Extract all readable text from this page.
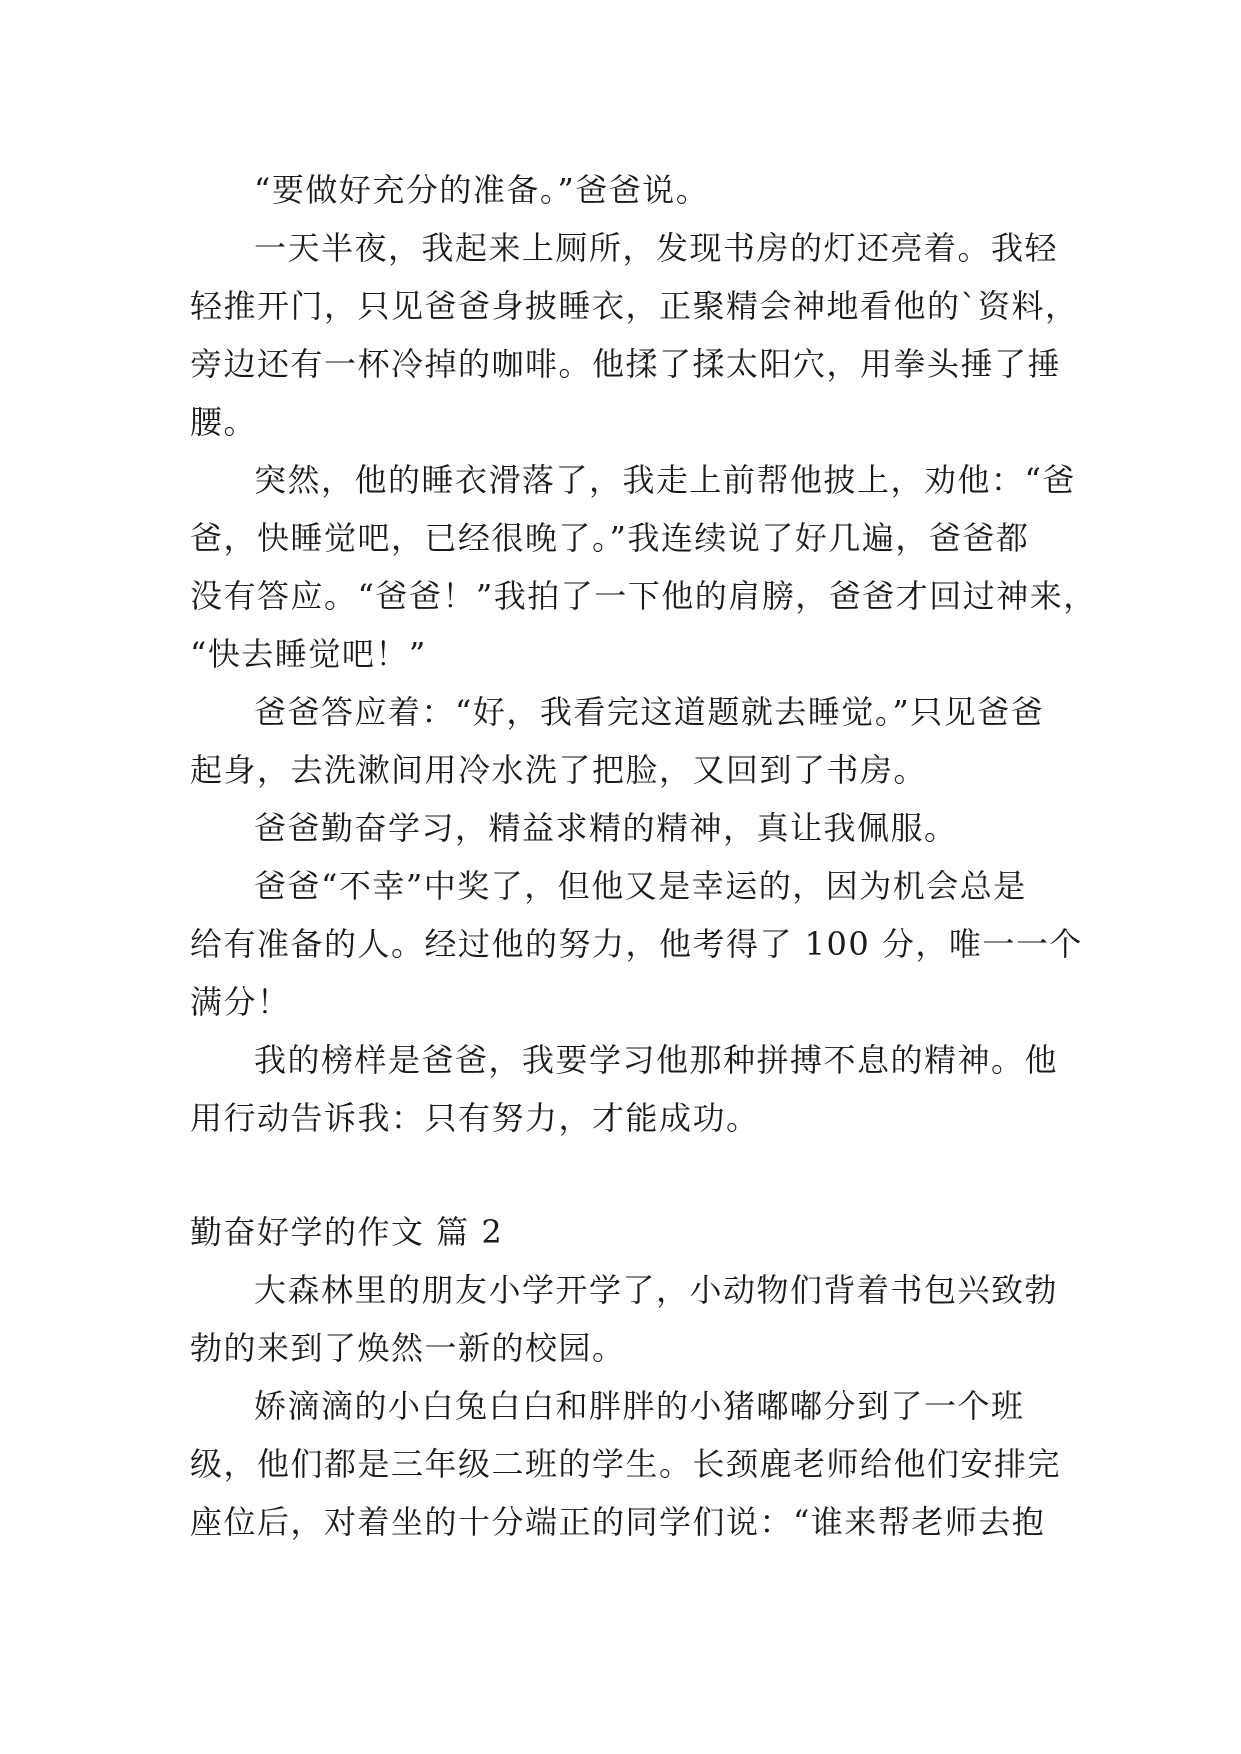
“要做好充分的准备。”爸爸说。
一天半夜，我起来上厕所，发现书房的灯还亮着。我轻
轻推开门，只见爸爸身披睡衣，正聚精会神地看他的`资料，
旁边还有一杯冷掉的咖啡。他揉了揉太阳穴，用拳头捶了捶
腰。
突然，他的睡衣滑落了，我走上前帮他披上，劝他：“爸
爸，快睡觉吧，已经很晚了。”我连续说了好几遍，爸爸都
没有答应。“爸爸！”我拍了一下他的肩膀，爸爸才回过神来，
“快去睡觉吧！”
爸爸答应着：“好，我看完这道题就去睡觉。”只见爸爸
起身，去洗漱间用冷水洗了把脸，又回到了书房。
爸爸勤奋学习，精益求精的精神，真让我佩服。
爸爸“不幸”中奖了，但他又是幸运的，因为机会总是
给有准备的人。经过他的努力，他考得了 100 分，唯一一个
满分！
我的榜样是爸爸，我要学习他那种拼搏不息的精神。他
用行动告诉我：只有努力，才能成功。
勤奋好学的作文 篇 2
大森林里的朋友小学开学了，小动物们背着书包兴致勃
勃的来到了焕然一新的校园。
娇滴滴的小白兔白白和胖胖的小猪嘟嘟分到了一个班
级，他们都是三年级二班的学生。长颈鹿老师给他们安排完
座位后，对着坐的十分端正的同学们说：“谁来帮老师去抱
